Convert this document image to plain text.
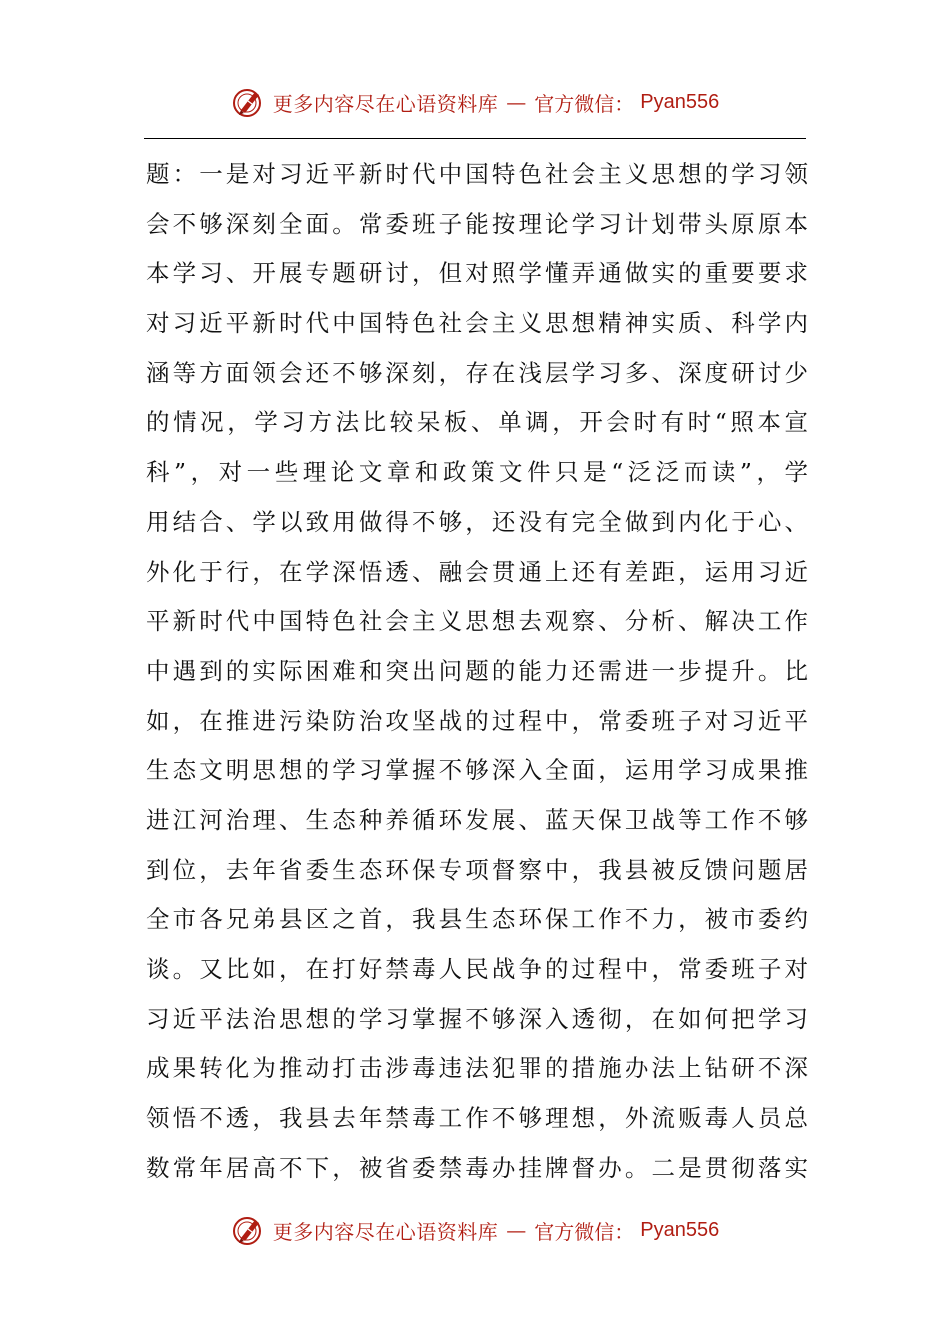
更多内容尽在心语资料库 — 官方微信： Pyan556
题：一是对习近平新时代中国特色社会主义思想的学习领
会不够深刻全面。常委班子能按理论学习计划带头原原本
本学习、开展专题研讨，但对照学懂弄通做实的重要要求
对习近平新时代中国特色社会主义思想精神实质、科学内
涵等方面领会还不够深刻，存在浅层学习多、深度研讨少
的情况，学习方法比较呆板、单调，开会时有时“照本宣
科”，对一些理论文章和政策文件只是“泛泛而读”，学
用结合、学以致用做得不够，还没有完全做到内化于心、
外化于行，在学深悟透、融会贯通上还有差距，运用习近
平新时代中国特色社会主义思想去观察、分析、解决工作
中遇到的实际困难和突出问题的能力还需进一步提升。比
如，在推进污染防治攻坚战的过程中，常委班子对习近平
生态文明思想的学习掌握不够深入全面，运用学习成果推
进江河治理、生态种养循环发展、蓝天保卫战等工作不够
到位，去年省委生态环保专项督察中，我县被反馈问题居
全市各兄弟县区之首，我县生态环保工作不力，被市委约
谈。又比如，在打好禁毒人民战争的过程中，常委班子对
习近平法治思想的学习掌握不够深入透彻，在如何把学习
成果转化为推动打击涉毒违法犯罪的措施办法上钻研不深
领悟不透，我县去年禁毒工作不够理想，外流贩毒人员总
数常年居高不下，被省委禁毒办挂牌督办。二是贯彻落实
更多内容尽在心语资料库 — 官方微信： Pyan556
